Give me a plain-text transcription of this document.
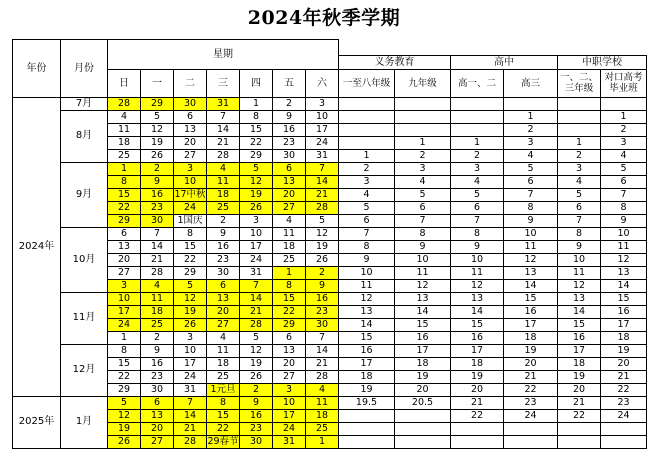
2024年秋季学期
年份	月份	星期												
									义务教育		高中		中职学校	
		日	一	二	三	四	五	六	一至八年级	九年级	高一、二	高三	一、二、三年级	对口高考毕业班
2024年	7月	28	29	30	31	1	2	3						
	8月	4	5	6	7	8	9	10				1		1
		11	12	13	14	15	16	17				2		2
		18	19	20	21	22	23	24		1	1	3	1	3
		25	26	27	28	29	30	31	1	2	2	4	2	4
	9月	1	2	3	4	5	6	7	2	3	3	5	3	5
		8	9	10	11	12	13	14	3	4	4	6	4	6
		15	16	17中秋	18	19	20	21	4	5	5	7	5	7
		22	23	24	25	26	27	28	5	6	6	8	6	8
		29	30	1国庆	2	3	4	5	6	7	7	9	7	9
	10月	6	7	8	9	10	11	12	7	8	8	10	8	10
		13	14	15	16	17	18	19	8	9	9	11	9	11
		20	21	22	23	24	25	26	9	10	10	12	10	12
		27	28	29	30	31	1	2	10	11	11	13	11	13
		3	4	5	6	7	8	9	11	12	12	14	12	14
	11月	10	11	12	13	14	15	16	12	13	13	15	13	15
		17	18	19	20	21	22	23	13	14	14	16	14	16
		24	25	26	27	28	29	30	14	15	15	17	15	17
		1	2	3	4	5	6	7	15	16	16	18	16	18
	12月	8	9	10	11	12	13	14	16	17	17	19	17	19
		15	16	17	18	19	20	21	17	18	18	20	18	20
		22	23	24	25	26	27	28	18	19	19	21	19	21
		29	30	31	1元旦	2	3	4	19	20	20	22	20	22
2025年	1月	5	6	7	8	9	10	11	19.5	20.5	21	23	21	23
		12	13	14	15	16	17	18			22	24	22	24
		19	20	21	22	23	24	25						
		26	27	28	29春节	30	31	1						
